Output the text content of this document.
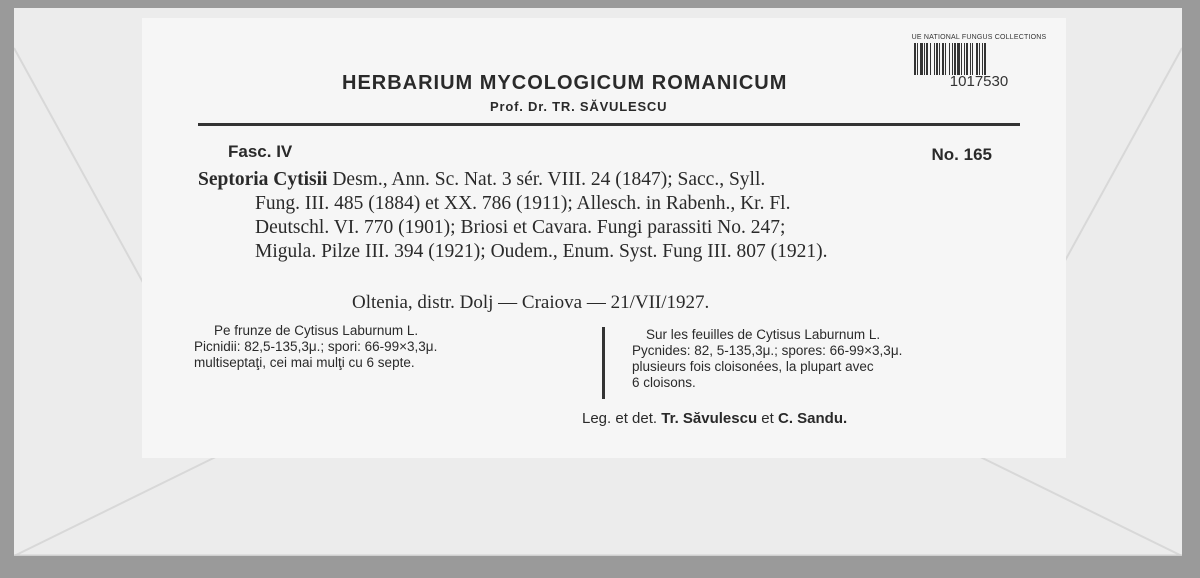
UE NATIONAL FUNGUS COLLECTIONS
1017530
HERBARIUM MYCOLOGICUM ROMANICUM
Prof. Dr. TR. SĂVULESCU
Fasc. IV	No. 165
Septoria Cytisii Desm., Ann. Sc. Nat. 3 sér. VIII. 24 (1847); Sacc., Syll.
Fung. III. 485 (1884) et XX. 786 (1911); Allesch. in Rabenh., Kr. Fl.
Deutschl. VI. 770 (1901); Briosi et Cavara. Fungi parassiti No. 247;
Migula. Pilze III. 394 (1921); Oudem., Enum. Syst. Fung III. 807 (1921).
Oltenia, distr. Dolj — Craiova — 21/VII/1927.
Pe frunze de Cytisus Laburnum L.
Picnidii: 82,5-135,3μ.; spori: 66-99×3,3μ.
multiseptaţi, cei mai mulţi cu 6 septe.
Sur les feuilles de Cytisus Laburnum L.
Pycnides: 82, 5-135,3μ.; spores: 66-99×3,3μ.
plusieurs fois cloisonées, la plupart avec
6 cloisons.
Leg. et det. Tr. Săvulescu et C. Sandu.
